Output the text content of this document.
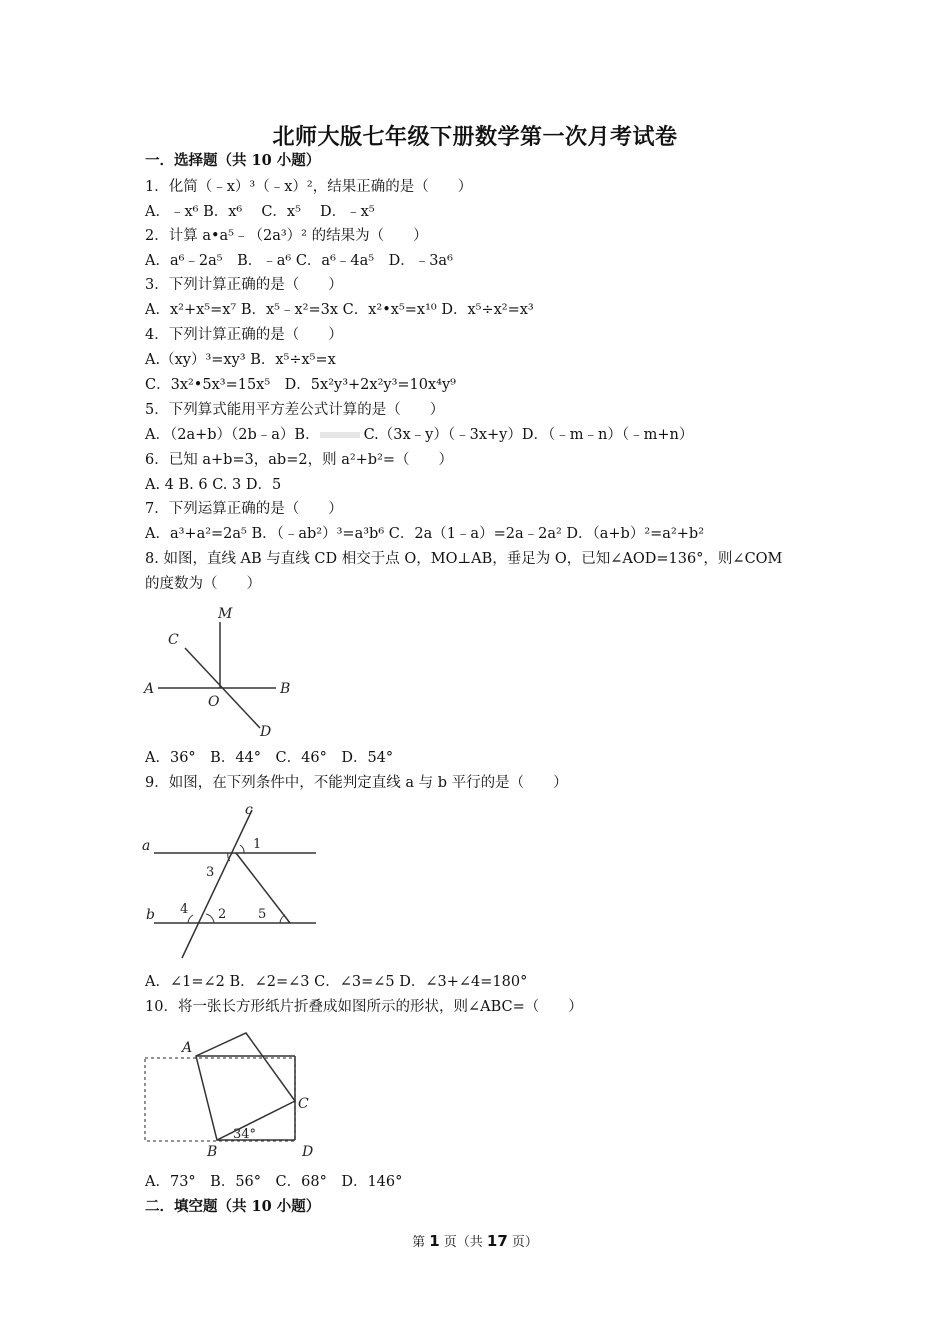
北师大版七年级下册数学第一次月考试卷
一．选择题（共 10 小题）
1．化简（﹣x）³（﹣x）²，结果正确的是（　　）
A．﹣x⁶ B．x⁶　 C．x⁵　 D．﹣x⁵
2．计算 a•a⁵﹣（2a³）² 的结果为（　　）
A．a⁶﹣2a⁵　B．﹣a⁶ C．a⁶﹣4a⁵　D．﹣3a⁶
3．下列计算正确的是（　　）
A．x²+x⁵=x⁷ B．x⁵﹣x²=3x C．x²•x⁵=x¹⁰ D．x⁵÷x²=x³
4．下列计算正确的是（　　）
A.（xy）³=xy³ B．x⁵÷x⁵=x
C．3x²•5x³=15x⁵　D．5x²y³+2x²y³=10x⁴y⁹
5．下列算式能用平方差公式计算的是（　　）
A．（2a+b）（2b﹣a）B．	C.（3x﹣y）（﹣3x+y）D．（﹣m﹣n）（﹣m+n）
6．已知 a+b=3，ab=2，则 a²+b²=（　　）
A. 4 B. 6 C. 3 D．5
7．下列运算正确的是（　　）
A．a³+a²=2a⁵ B．（﹣ab²）³=a³b⁶ C．2a（1﹣a）=2a﹣2a² D．（a+b）²=a²+b²
8. 如图，直线 AB 与直线 CD 相交于点 O，MO⊥AB，垂足为 O，已知∠AOD=136°，则∠COM
的度数为（　　）
M
C
A
O
B
D
A．36°　B．44°　C．46°　D．54°
9．如图，在下列条件中，不能判定直线 a 与 b 平行的是（　　）
c
a
b
1
3
4 2 5
A．∠1=∠2 B．∠2=∠3 C．∠3=∠5 D．∠3+∠4=180°
10．将一张长方形纸片折叠成如图所示的形状，则∠ABC=（　　）
A
C
B	D
34°
A．73°　B．56°　C．68°　D．146°
二．填空题（共 10 小题）
第 1 页（共 17 页）
